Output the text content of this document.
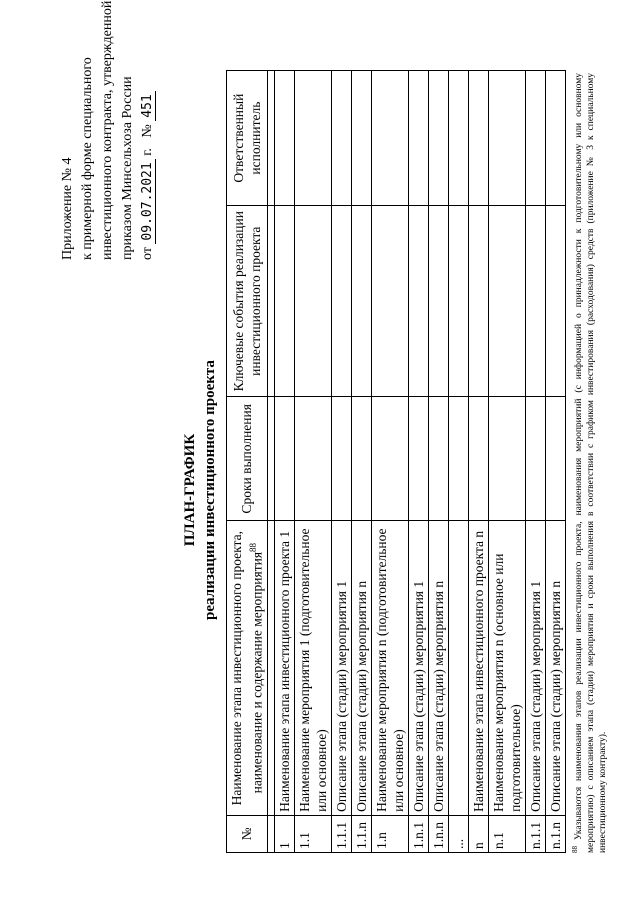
Приложение № 4 к примерной форме специального инвестиционного контракта, утвержденной приказом Минсельхоза России от 09.07.2021 г.   № 451
ПЛАН-ГРАФИК реализации инвестиционного проекта
№	Наименование этапа инвестиционного проекта, наименование и содержание мероприятия$^{88}$	Сроки выполнения	Ключевые события реализации инвестиционного проекта	Ответственный исполнитель

1	Наименование этапа инвестиционного проекта 1			
1.1	Наименование мероприятия 1 (подготовительное или основное)			
1.1.1	Описание этапа (стадии) мероприятия 1			
1.1.n	Описание этапа (стадии) мероприятия n			
1.n	Наименование мероприятия n (подготовительное или основное)			
1.n.1	Описание этапа (стадии) мероприятия 1			
1.n.n	Описание этапа (стадии) мероприятия n			
...				
n	Наименование этапа инвестиционного проекта n			
n.1	Наименование мероприятия n (основное или подготовительное)			
n.1.1	Описание этапа (стадии) мероприятия 1			
n.1.n	Описание этапа (стадии) мероприятия n			
$^{88}$ Указываются наименования этапов реализации инвестиционного проекта, наименования мероприятий (с информацией о принадлежности к подготовительному или основному мероприятию) с описанием этапа (стадии) мероприятия и сроки выполнения в соответствии с графиком инвестирования (расходования) средств (приложение № 3 к специальному инвестиционному контракту).
